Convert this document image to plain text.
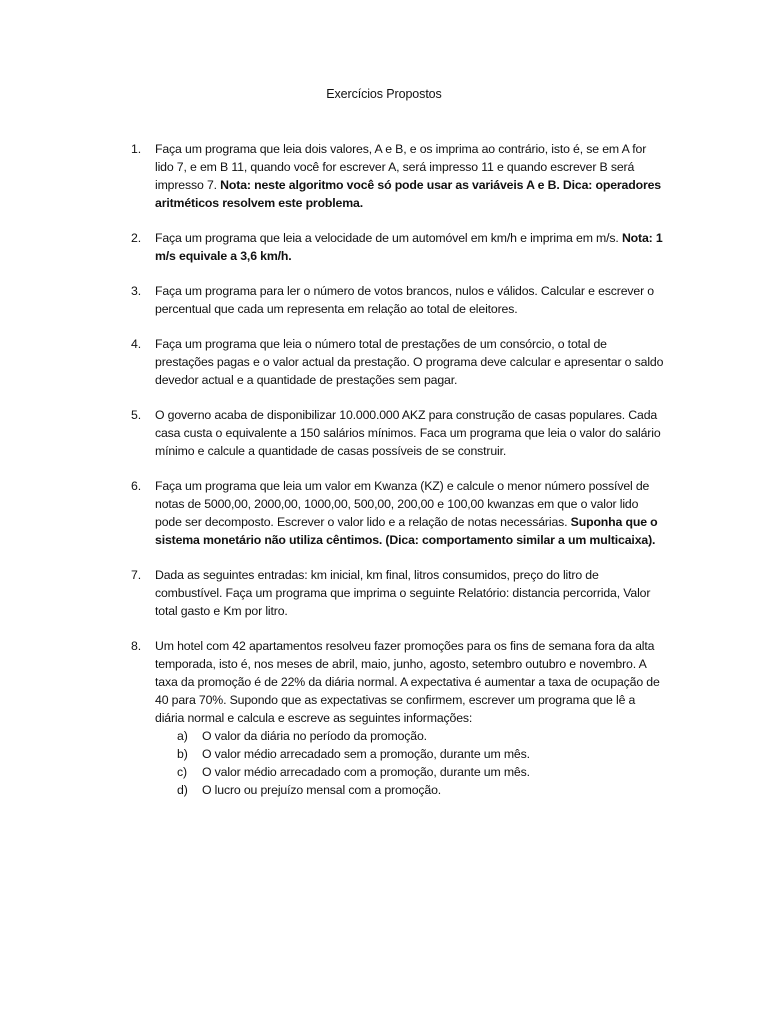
Exercícios Propostos
1.	Faça um programa que leia dois valores, A e B, e os imprima ao contrário, isto é, se em A for lido 7, e em B 11, quando você for escrever A, será impresso 11 e quando escrever B será impresso 7. Nota: neste algoritmo você só pode usar as variáveis A e B. Dica: operadores aritméticos resolvem este problema.
2.	Faça um programa que leia a velocidade de um automóvel em km/h e imprima em m/s. Nota: 1 m/s equivale a 3,6 km/h.
3.	Faça um programa para ler o número de votos brancos, nulos e válidos. Calcular e escrever o percentual que cada um representa em relação ao total de eleitores.
4.	Faça um programa que leia o número total de prestações de um consórcio, o total de prestações pagas e o valor actual da prestação. O programa deve calcular e apresentar o saldo devedor actual e a quantidade de prestações sem pagar.
5.	O governo acaba de disponibilizar 10.000.000 AKZ para construção de casas populares. Cada casa custa o equivalente a 150 salários mínimos. Faca um programa que leia o valor do salário mínimo e calcule a quantidade de casas possíveis de se construir.
6.	Faça um programa que leia um valor em Kwanza (KZ) e calcule o menor número possível de notas de 5000,00, 2000,00, 1000,00, 500,00, 200,00 e 100,00 kwanzas em que o valor lido pode ser decomposto. Escrever o valor lido e a relação de notas necessárias. Suponha que o sistema monetário não utiliza cêntimos. (Dica: comportamento similar a um multicaixa).
7.	Dada as seguintes entradas: km inicial, km final, litros consumidos, preço do litro de combustível. Faça um programa que imprima o seguinte Relatório: distancia percorrida, Valor total gasto e Km por litro.
8.	Um hotel com 42 apartamentos resolveu fazer promoções para os fins de semana fora da alta temporada, isto é, nos meses de abril, maio, junho, agosto, setembro outubro e novembro. A taxa da promoção é de 22% da diária normal. A expectativa é aumentar a taxa de ocupação de 40 para 70%. Supondo que as expectativas se confirmem, escrever um programa que lê a diária normal e calcula e escreve as seguintes informações:
a) O valor da diária no período da promoção.
b) O valor médio arrecadado sem a promoção, durante um mês.
c) O valor médio arrecadado com a promoção, durante um mês.
d) O lucro ou prejuízo mensal com a promoção.
